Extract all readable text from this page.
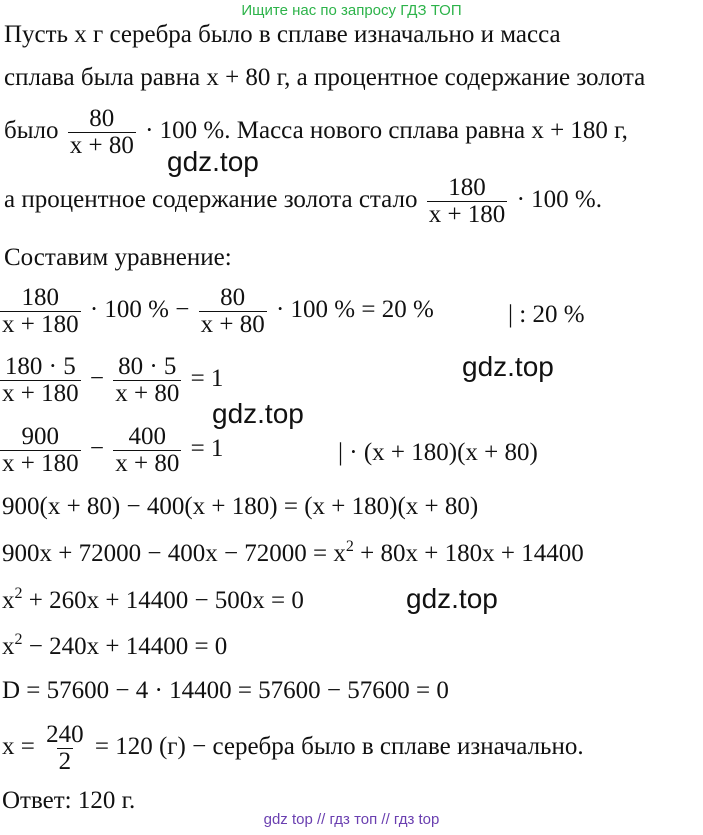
Ищите нас по запросу ГДЗ ТОП
Пусть x г серебра было в сплаве изначально и масса
сплава была равна x + 80 г, а процентное содержание золота
было $\frac{80}{x + 80} \cdot 100$ %. Масса нового сплава равна x + 180 г,
gdz.top
а процентное содержание золота стало $\frac{180}{x + 180} \cdot 100$ %.
Составим уравнение:
$\frac{180}{x + 180} \cdot 100$ % − $\frac{80}{x + 80} \cdot 100$ % = 20 %	| : 20 %
gdz.top
$\frac{180 \cdot 5}{x + 180} - \frac{80 \cdot 5}{x + 80} = 1$
gdz.top
$\frac{900}{x + 180} - \frac{400}{x + 80} = 1$	| · (x + 180)(x + 80)
900(x + 80) − 400(x + 180) = (x + 180)(x + 80)
$900x + 72000 - 400x - 72000 = x^2 + 80x + 180x + 14400$
$x^2 + 260x + 14400 - 500x = 0$	gdz.top
$x^2 - 240x + 14400 = 0$
D = 57600 − 4 · 14400 = 57600 − 57600 = 0
$x = \frac{240}{2} = 120$ (г) − серебра было в сплаве изначально.
Ответ: 120 г.
gdz top // гдз топ // гдз top
